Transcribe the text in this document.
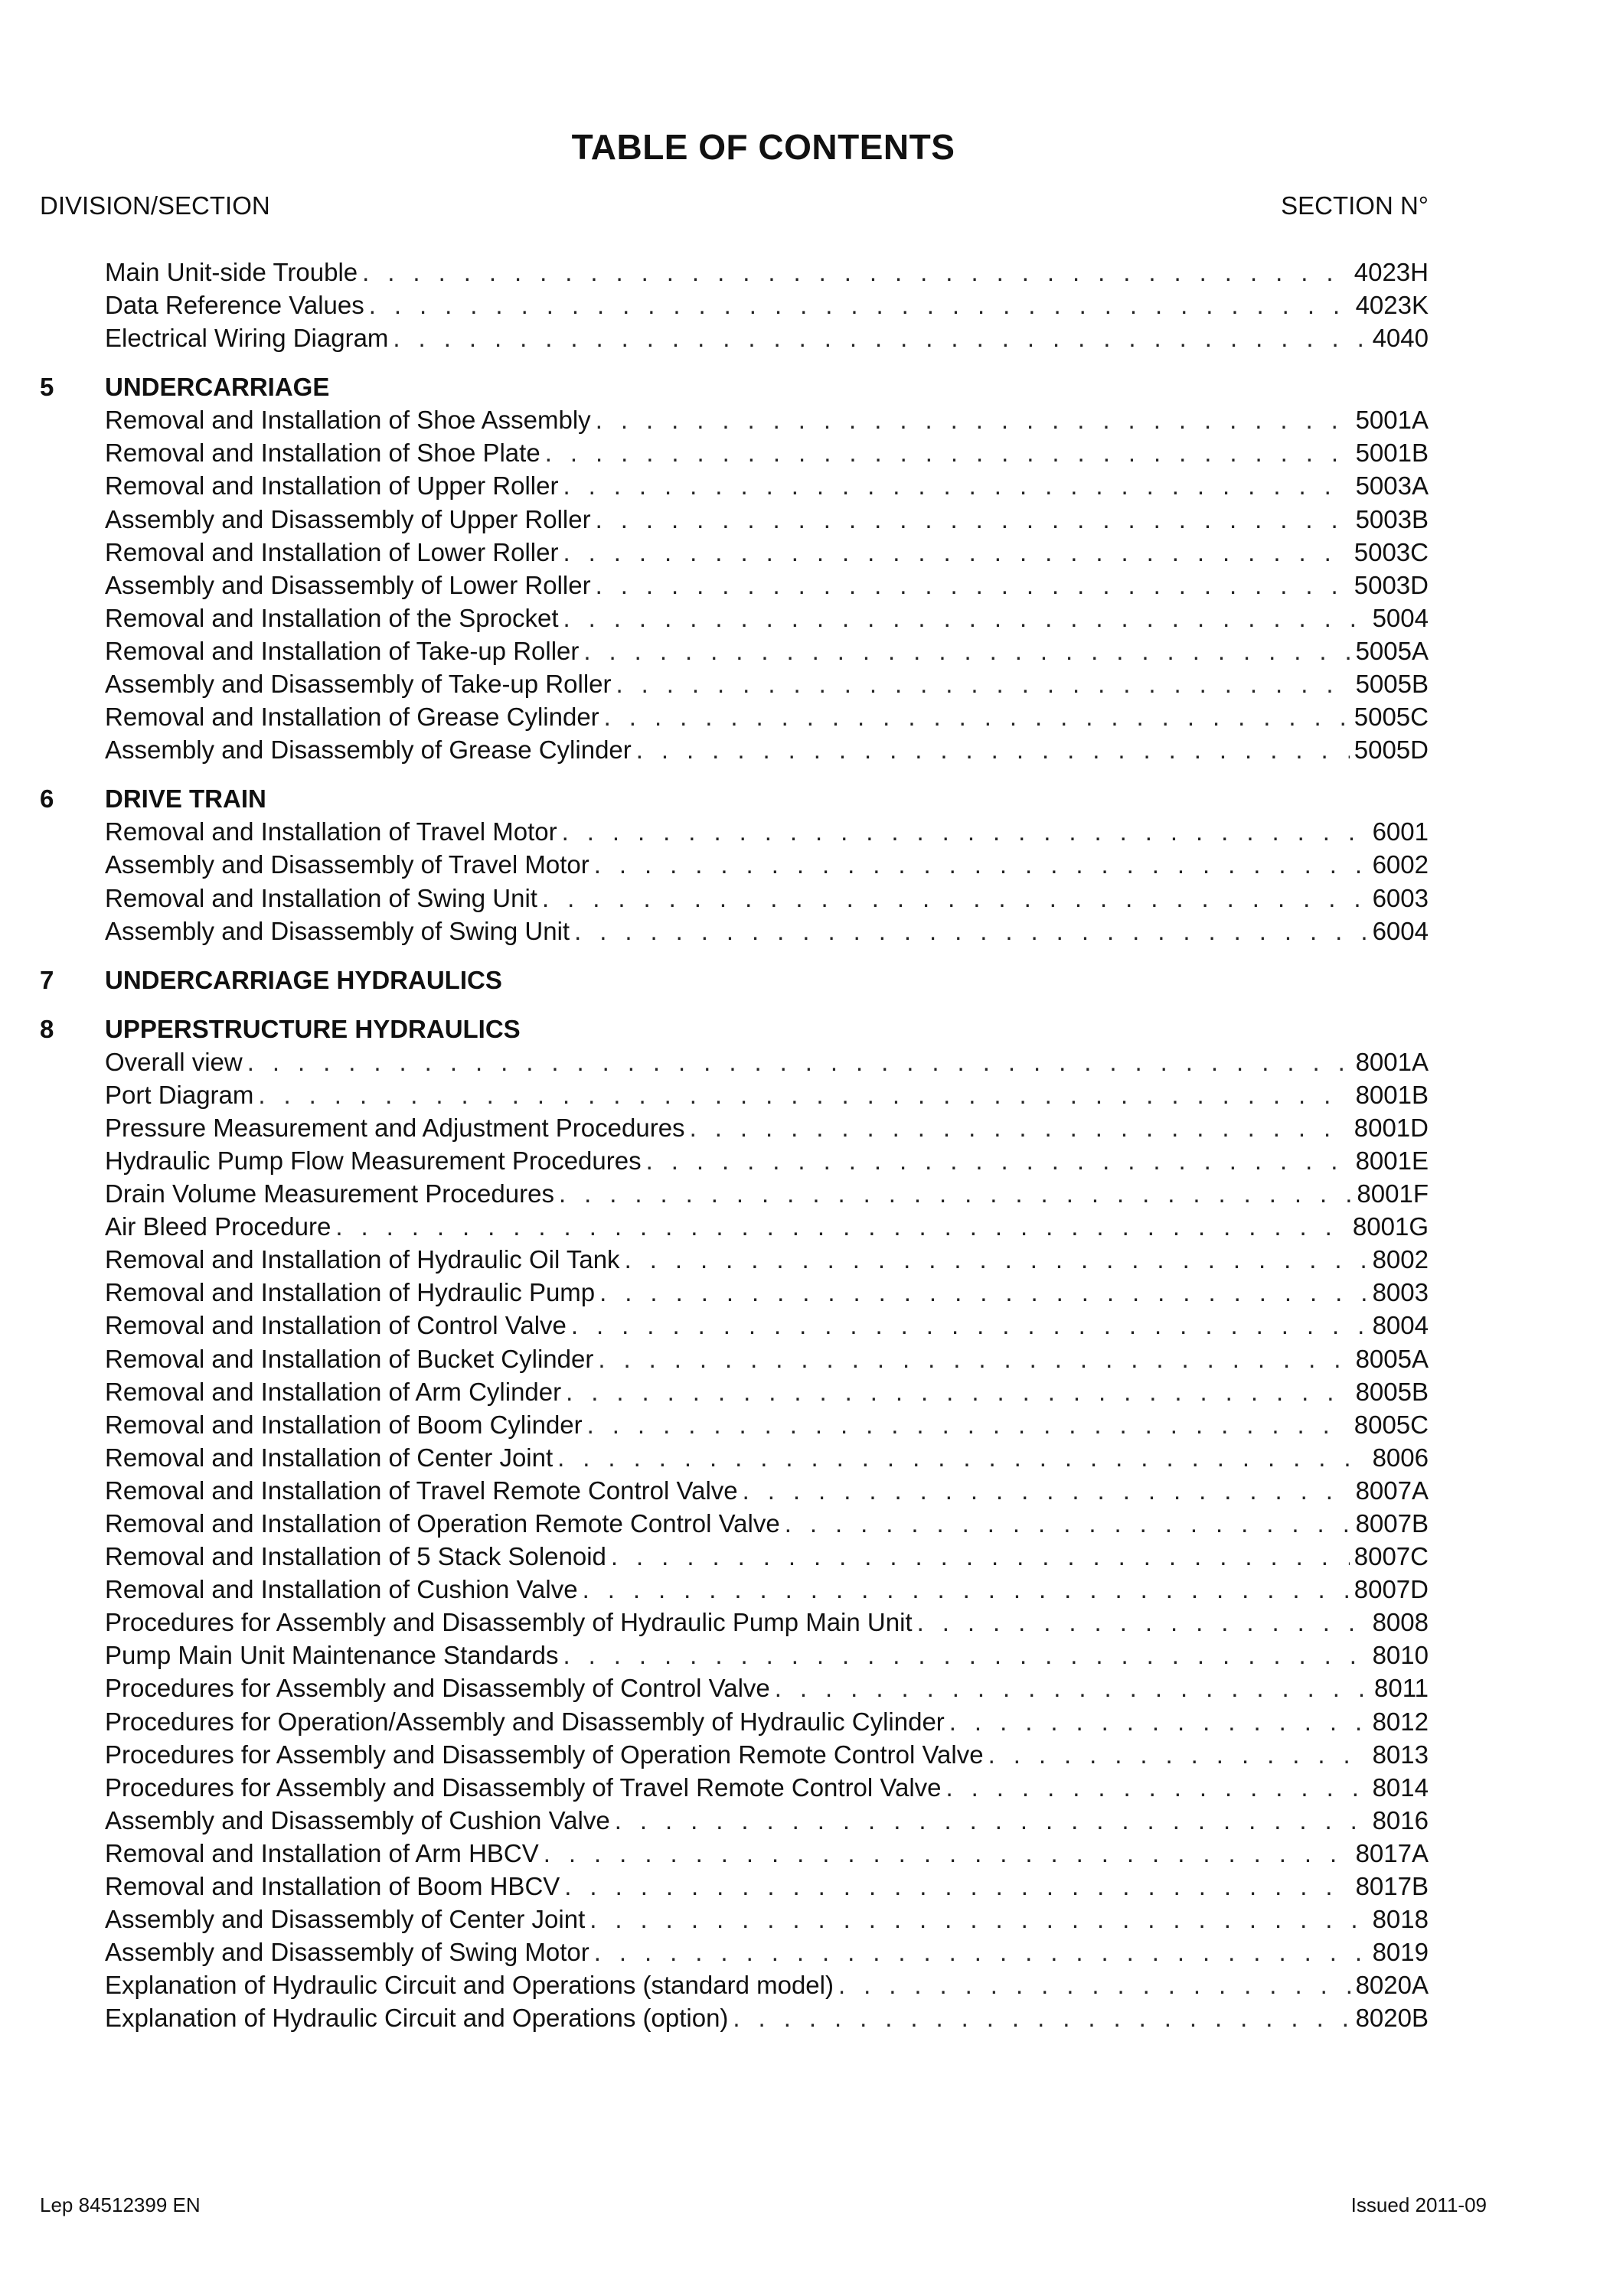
TABLE OF CONTENTS
DIVISION/SECTION	SECTION N°
Main Unit-side Trouble . . .	4023H
Data Reference Values . . .	4023K
Electrical Wiring Diagram . . .	4040
5 UNDERCARRIAGE
Removal and Installation of Shoe Assembly . . .	5001A
Removal and Installation of Shoe Plate . . .	5001B
Removal and Installation of Upper Roller . . .	5003A
Assembly and Disassembly of Upper Roller . . .	5003B
Removal and Installation of Lower Roller . . .	5003C
Assembly and Disassembly of Lower Roller . . .	5003D
Removal and Installation of the Sprocket . . .	5004
Removal and Installation of Take-up Roller . . .	5005A
Assembly and Disassembly of Take-up Roller . . .	5005B
Removal and Installation of Grease Cylinder . . .	5005C
Assembly and Disassembly of Grease Cylinder . . .	5005D
6 DRIVE TRAIN
Removal and Installation of Travel Motor . . .	6001
Assembly and Disassembly of Travel Motor . . .	6002
Removal and Installation of Swing Unit . . .	6003
Assembly and Disassembly of Swing Unit . . .	6004
7 UNDERCARRIAGE HYDRAULICS
8 UPPERSTRUCTURE HYDRAULICS
Overall view . . .	8001A
Port Diagram . . .	8001B
Pressure Measurement and Adjustment Procedures . . .	8001D
Hydraulic Pump Flow Measurement Procedures . . .	8001E
Drain Volume Measurement Procedures . . .	8001F
Air Bleed Procedure . . .	8001G
Removal and Installation of Hydraulic Oil Tank . . .	8002
Removal and Installation of Hydraulic Pump . . .	8003
Removal and Installation of Control Valve . . .	8004
Removal and Installation of Bucket Cylinder . . .	8005A
Removal and Installation of Arm Cylinder . . .	8005B
Removal and Installation of Boom Cylinder . . .	8005C
Removal and Installation of Center Joint . . .	8006
Removal and Installation of Travel Remote Control Valve . . .	8007A
Removal and Installation of Operation Remote Control Valve . . .	8007B
Removal and Installation of 5 Stack Solenoid . . .	8007C
Removal and Installation of Cushion Valve . . .	8007D
Procedures for Assembly and Disassembly of Hydraulic Pump Main Unit . . .	8008
Pump Main Unit Maintenance Standards . . .	8010
Procedures for Assembly and Disassembly of Control Valve . . .	8011
Procedures for Operation/Assembly and Disassembly of Hydraulic Cylinder . . .	8012
Procedures for Assembly and Disassembly of Operation Remote Control Valve . . .	8013
Procedures for Assembly and Disassembly of Travel Remote Control Valve . . .	8014
Assembly and Disassembly of Cushion Valve . . .	8016
Removal and Installation of Arm HBCV . . .	8017A
Removal and Installation of Boom HBCV . . .	8017B
Assembly and Disassembly of Center Joint . . .	8018
Assembly and Disassembly of Swing Motor . . .	8019
Explanation of Hydraulic Circuit and Operations (standard model) . . .	8020A
Explanation of Hydraulic Circuit and Operations (option) . . .	8020B
Lep 84512399 EN	Issued 2011-09
